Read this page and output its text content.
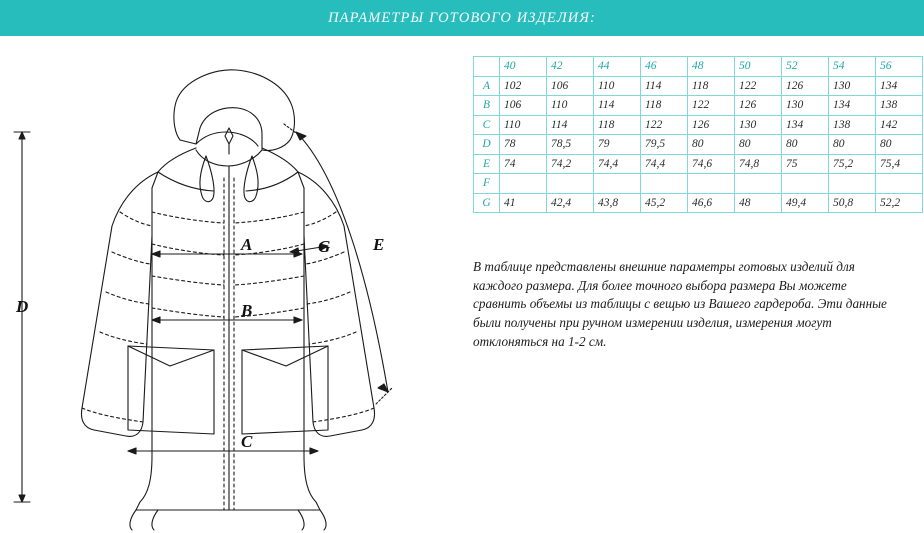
ПАРАМЕТРЫ ГОТОВОГО ИЗДЕЛИЯ:
D
A
B
C
G	E
	40	42	44	46	48	50	52	54	56
A	102	106	110	114	118	122	126	130	134
B	106	110	114	118	122	126	130	134	138
C	110	114	118	122	126	130	134	138	142
D	78	78,5	79	79,5	80	80	80	80	80
E	74	74,2	74,4	74,4	74,6	74,8	75	75,2	75,4
F									
G	41	42,4	43,8	45,2	46,6	48	49,4	50,8	52,2
В таблице представлены внешние параметры готовых изделий для каждого размера. Для более точного выбора размера Вы можете сравнить объемы из таблицы с вещью из Вашего гардероба. Эти данные были получены при ручном измерении изделия, измерения могут отклоняться на 1-2 см.
